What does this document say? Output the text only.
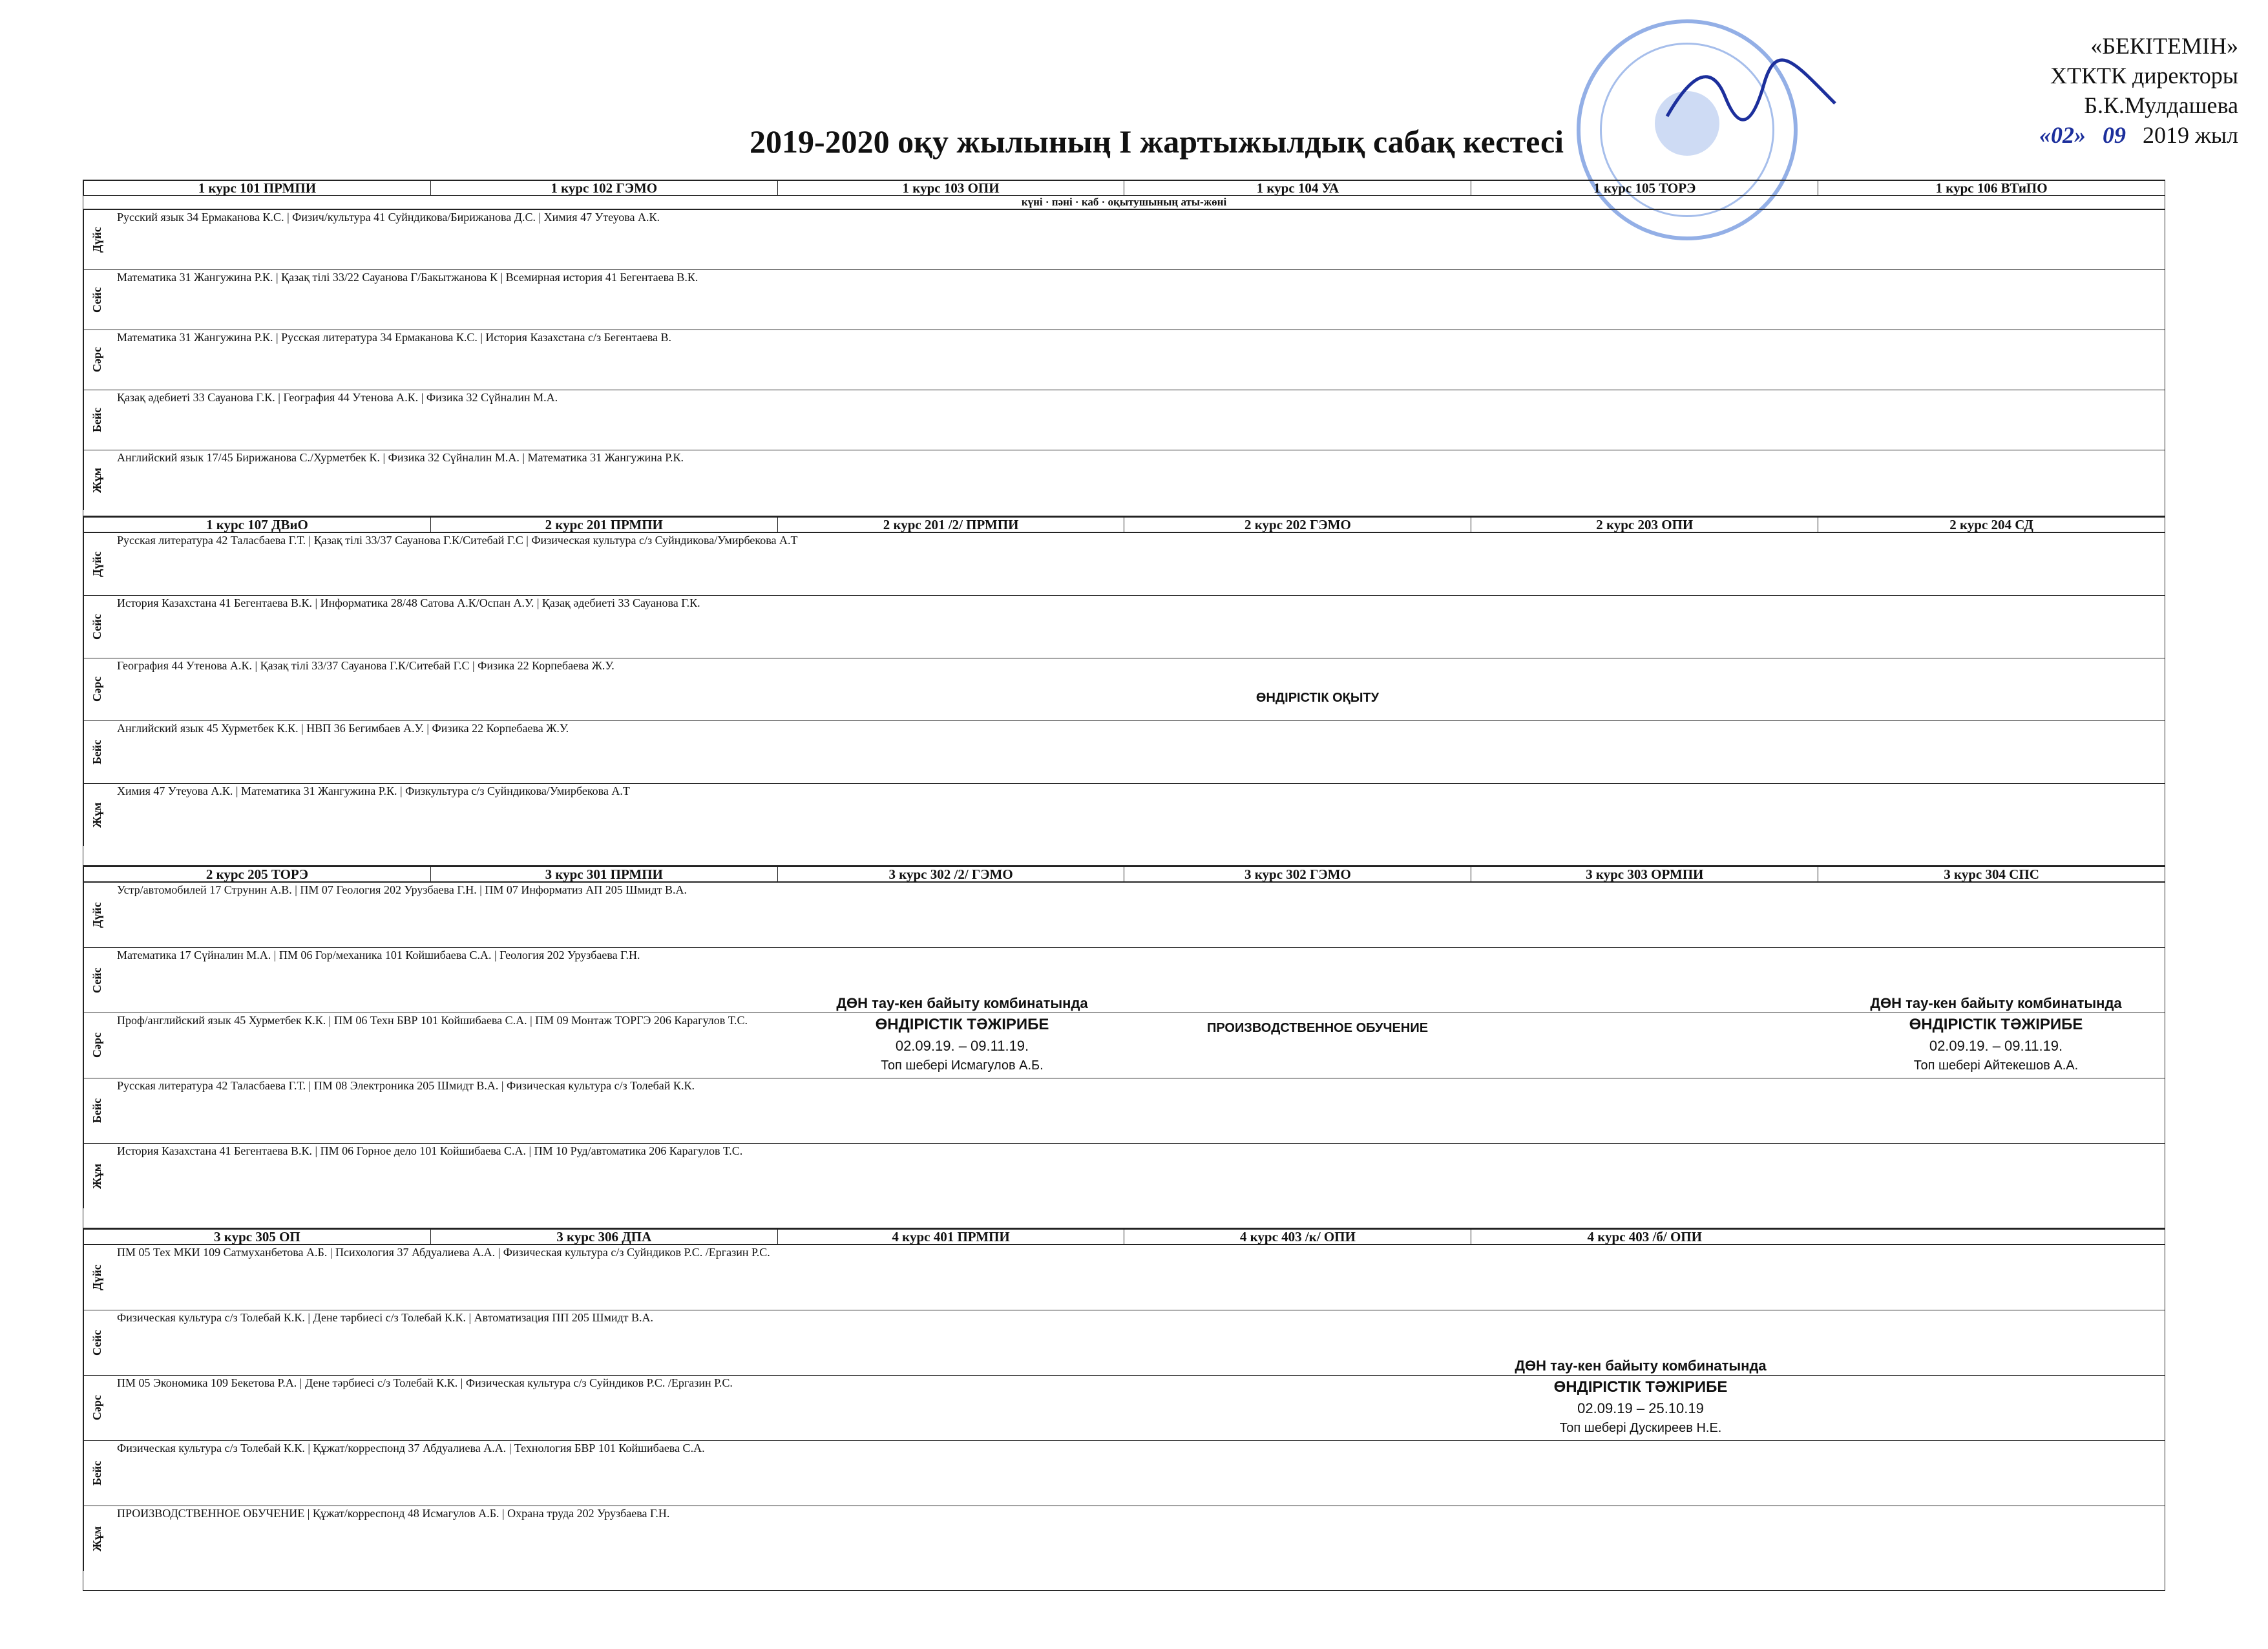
«БЕКІТЕМІН»
ХТКТК директоры
Б.К.Мулдашева
«02» 09 2019 жыл
2019-2020 оқу жылының І жартыжылдық сабақ кестесі
1 курс 101 ПРМПИ	1 курс 102 ГЭМО	1 курс 103 ОПИ	1 курс 104 УА	1 курс 105 ТОРЭ	1 курс 106 ВТиПО
күні · пәні · каб · оқытушының аты-жөні
Дүйс
Русский язык 34 Ермаканова К.С. | Физич/культура 41 Суйндикова/Бирижанова Д.С. | Химия 47 Утеуова А.К.
Сейс
Математика 31 Жангужина Р.К. | Қазақ тілі 33/22 Сауанова Г/Бакытжанова К | Всемирная история 41 Бегентаева В.К.
Сәрс
Математика 31 Жангужина Р.К. | Русская литература 34 Ермаканова К.С. | История Казахстана с/з Бегентаева В.
Бейс
Қазақ әдебиеті 33 Сауанова Г.К. | География 44 Утенова А.К. | Физика 32 Сүйналин М.А.
Жұм
Английский язык 17/45 Бирижанова С./Хурметбек К. | Физика 32 Сүйналин М.А. | Математика 31 Жангужина Р.К.
1 курс 107 ДВиО	2 курс 201 ПРМПИ	2 курс 201 /2/ ПРМПИ	2 курс 202 ГЭМО	2 курс 203 ОПИ	2 курс 204 СД
Дүйс
Русская литература 42 Таласбаева Г.Т. | Қазақ тілі 33/37 Сауанова Г.К/Ситебай Г.С | Физическая культура с/з Суйндикова/Умирбекова А.Т
Сейс
История Казахстана 41 Бегентаева В.К. | Информатика 28/48 Сатова А.К/Оспан А.У. | Қазақ әдебиеті 33 Сауанова Г.К.
Сәрс
География 44 Утенова А.К. | Қазақ тілі 33/37 Сауанова Г.К/Ситебай Г.С | Физика 22 Корпебаева Ж.У.
Бейс
Английский язык 45 Хурметбек К.К. | НВП 36 Бегимбаев А.У. | Физика 22 Корпебаева Ж.У.
Жұм
Химия 47 Утеуова А.К. | Математика 31 Жангужина Р.К. | Физкультура с/з Суйндикова/Умирбекова А.Т
ӨНДІРІСТІК ОҚЫТУ
2 курс 205 ТОРЭ	3 курс 301 ПРМПИ	3 курс 302 /2/ ГЭМО	3 курс 302 ГЭМО	3 курс 303 ОРМПИ	3 курс 304 СПС
Дүйс
Устр/автомобилей 17 Струнин А.В. | ПМ 07 Геология 202 Урузбаева Г.Н. | ПМ 07 Информатиз АП 205 Шмидт В.А.
Сейс
Математика 17 Сүйналин М.А. | ПМ 06 Гор/механика 101 Койшибаева С.А. | Геология 202 Урузбаева Г.Н.
Сәрс
Проф/английский язык 45 Хурметбек К.К. | ПМ 06 Техн БВР 101 Койшибаева С.А. | ПМ 09 Монтаж ТОРГЭ 206 Карагулов Т.С.
Бейс
Русская литература 42 Таласбаева Г.Т. | ПМ 08 Электроника 205 Шмидт В.А. | Физическая культура с/з Толебай К.К.
Жұм
История Казахстана 41 Бегентаева В.К. | ПМ 06 Горное дело 101 Койшибаева С.А. | ПМ 10 Руд/автоматика 206 Карагулов Т.С.
ПРОИЗВОДСТВЕННОЕ ОБУЧЕНИЕ
ДӨН тау-кен байыту комбинатында
ӨНДІРІСТІК ТӘЖІРИБЕ
02.09.19. – 09.11.19.
Топ шебері Исмагулов А.Б.
ДӨН тау-кен байыту комбинатында
ӨНДІРІСТІК ТӘЖІРИБЕ
02.09.19. – 09.11.19.
Топ шебері Айтекешов А.А.
3 курс 305 ОП	3 курс 306 ДПА	4 курс 401 ПРМПИ	4 курс 403 /к/ ОПИ	4 курс 403 /б/ ОПИ
Дүйс
ПМ 05 Тех МКИ 109 Сатмуханбетова А.Б. | Психология 37 Абдуалиева А.А. | Физическая культура с/з Суйндиков Р.С. /Ергазин Р.С.
Сейс
Физическая культура с/з Толебай К.К. | Дене тәрбиесі с/з Толебай К.К. | Автоматизация ПП 205 Шмидт В.А.
Сәрс
ПМ 05 Экономика 109 Бекетова Р.А. | Дене тәрбиесі с/з Толебай К.К. | Физическая культура с/з Суйндиков Р.С. /Ергазин Р.С.
Бейс
Физическая культура с/з Толебай К.К. | Құжат/корреспонд 37 Абдуалиева А.А. | Технология БВР 101 Койшибаева С.А.
Жұм
ПРОИЗВОДСТВЕННОЕ ОБУЧЕНИЕ | Құжат/корреспонд 48 Исмагулов А.Б. | Охрана труда 202 Урузбаева Г.Н.
ДӨН тау-кен байыту комбинатында
ӨНДІРІСТІК ТӘЖІРИБЕ
02.09.19 – 25.10.19
Топ шебері Дускиреев Н.Е.
